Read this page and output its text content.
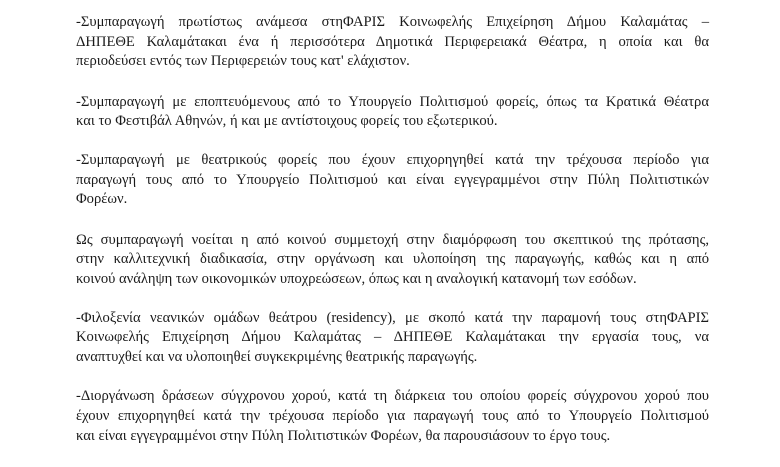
-Συμπαραγωγή πρωτίστως ανάμεσα στηΦΑΡΙΣ Κοινωφελής Επιχείρηση Δήμου Καλαμάτας –
ΔΗΠΕΘΕ Καλαμάτακαι ένα ή περισσότερα Δημοτικά Περιφερειακά Θέατρα, η οποία και θα
περιοδεύσει εντός των Περιφερειών τους κατ' ελάχιστον.

-Συμπαραγωγή με εποπτευόμενους από το Υπουργείο Πολιτισμού φορείς, όπως τα Κρατικά Θέατρα
και το Φεστιβάλ Αθηνών, ή και με αντίστοιχους φορείς του εξωτερικού.

-Συμπαραγωγή με θεατρικούς φορείς που έχουν επιχορηγηθεί κατά την τρέχουσα περίοδο για
παραγωγή τους από το Υπουργείο Πολιτισμού και είναι εγγεγραμμένοι στην Πύλη Πολιτιστικών
Φορέων.

Ως συμπαραγωγή νοείται η από κοινού συμμετοχή στην διαμόρφωση του σκεπτικού της πρότασης,
στην καλλιτεχνική διαδικασία, στην οργάνωση και υλοποίηση της παραγωγής, καθώς και η από
κοινού ανάληψη των οικονομικών υποχρεώσεων, όπως και η αναλογική κατανομή των εσόδων.

-Φιλοξενία νεανικών ομάδων θεάτρου (residency), με σκοπό κατά την παραμονή τους στηΦΑΡΙΣ
Κοινωφελής Επιχείρηση Δήμου Καλαμάτας – ΔΗΠΕΘΕ Καλαμάτακαι την εργασία τους, να
αναπτυχθεί και να υλοποιηθεί συγκεκριμένης θεατρικής παραγωγής.

-Διοργάνωση δράσεων σύγχρονου χορού, κατά τη διάρκεια του οποίου φορείς σύγχρονου χορού που
έχουν επιχορηγηθεί κατά την τρέχουσα περίοδο για παραγωγή τους από το Υπουργείο Πολιτισμού
και είναι εγγεγραμμένοι στην Πύλη Πολιτιστικών Φορέων, θα παρουσιάσουν το έργο τους.
